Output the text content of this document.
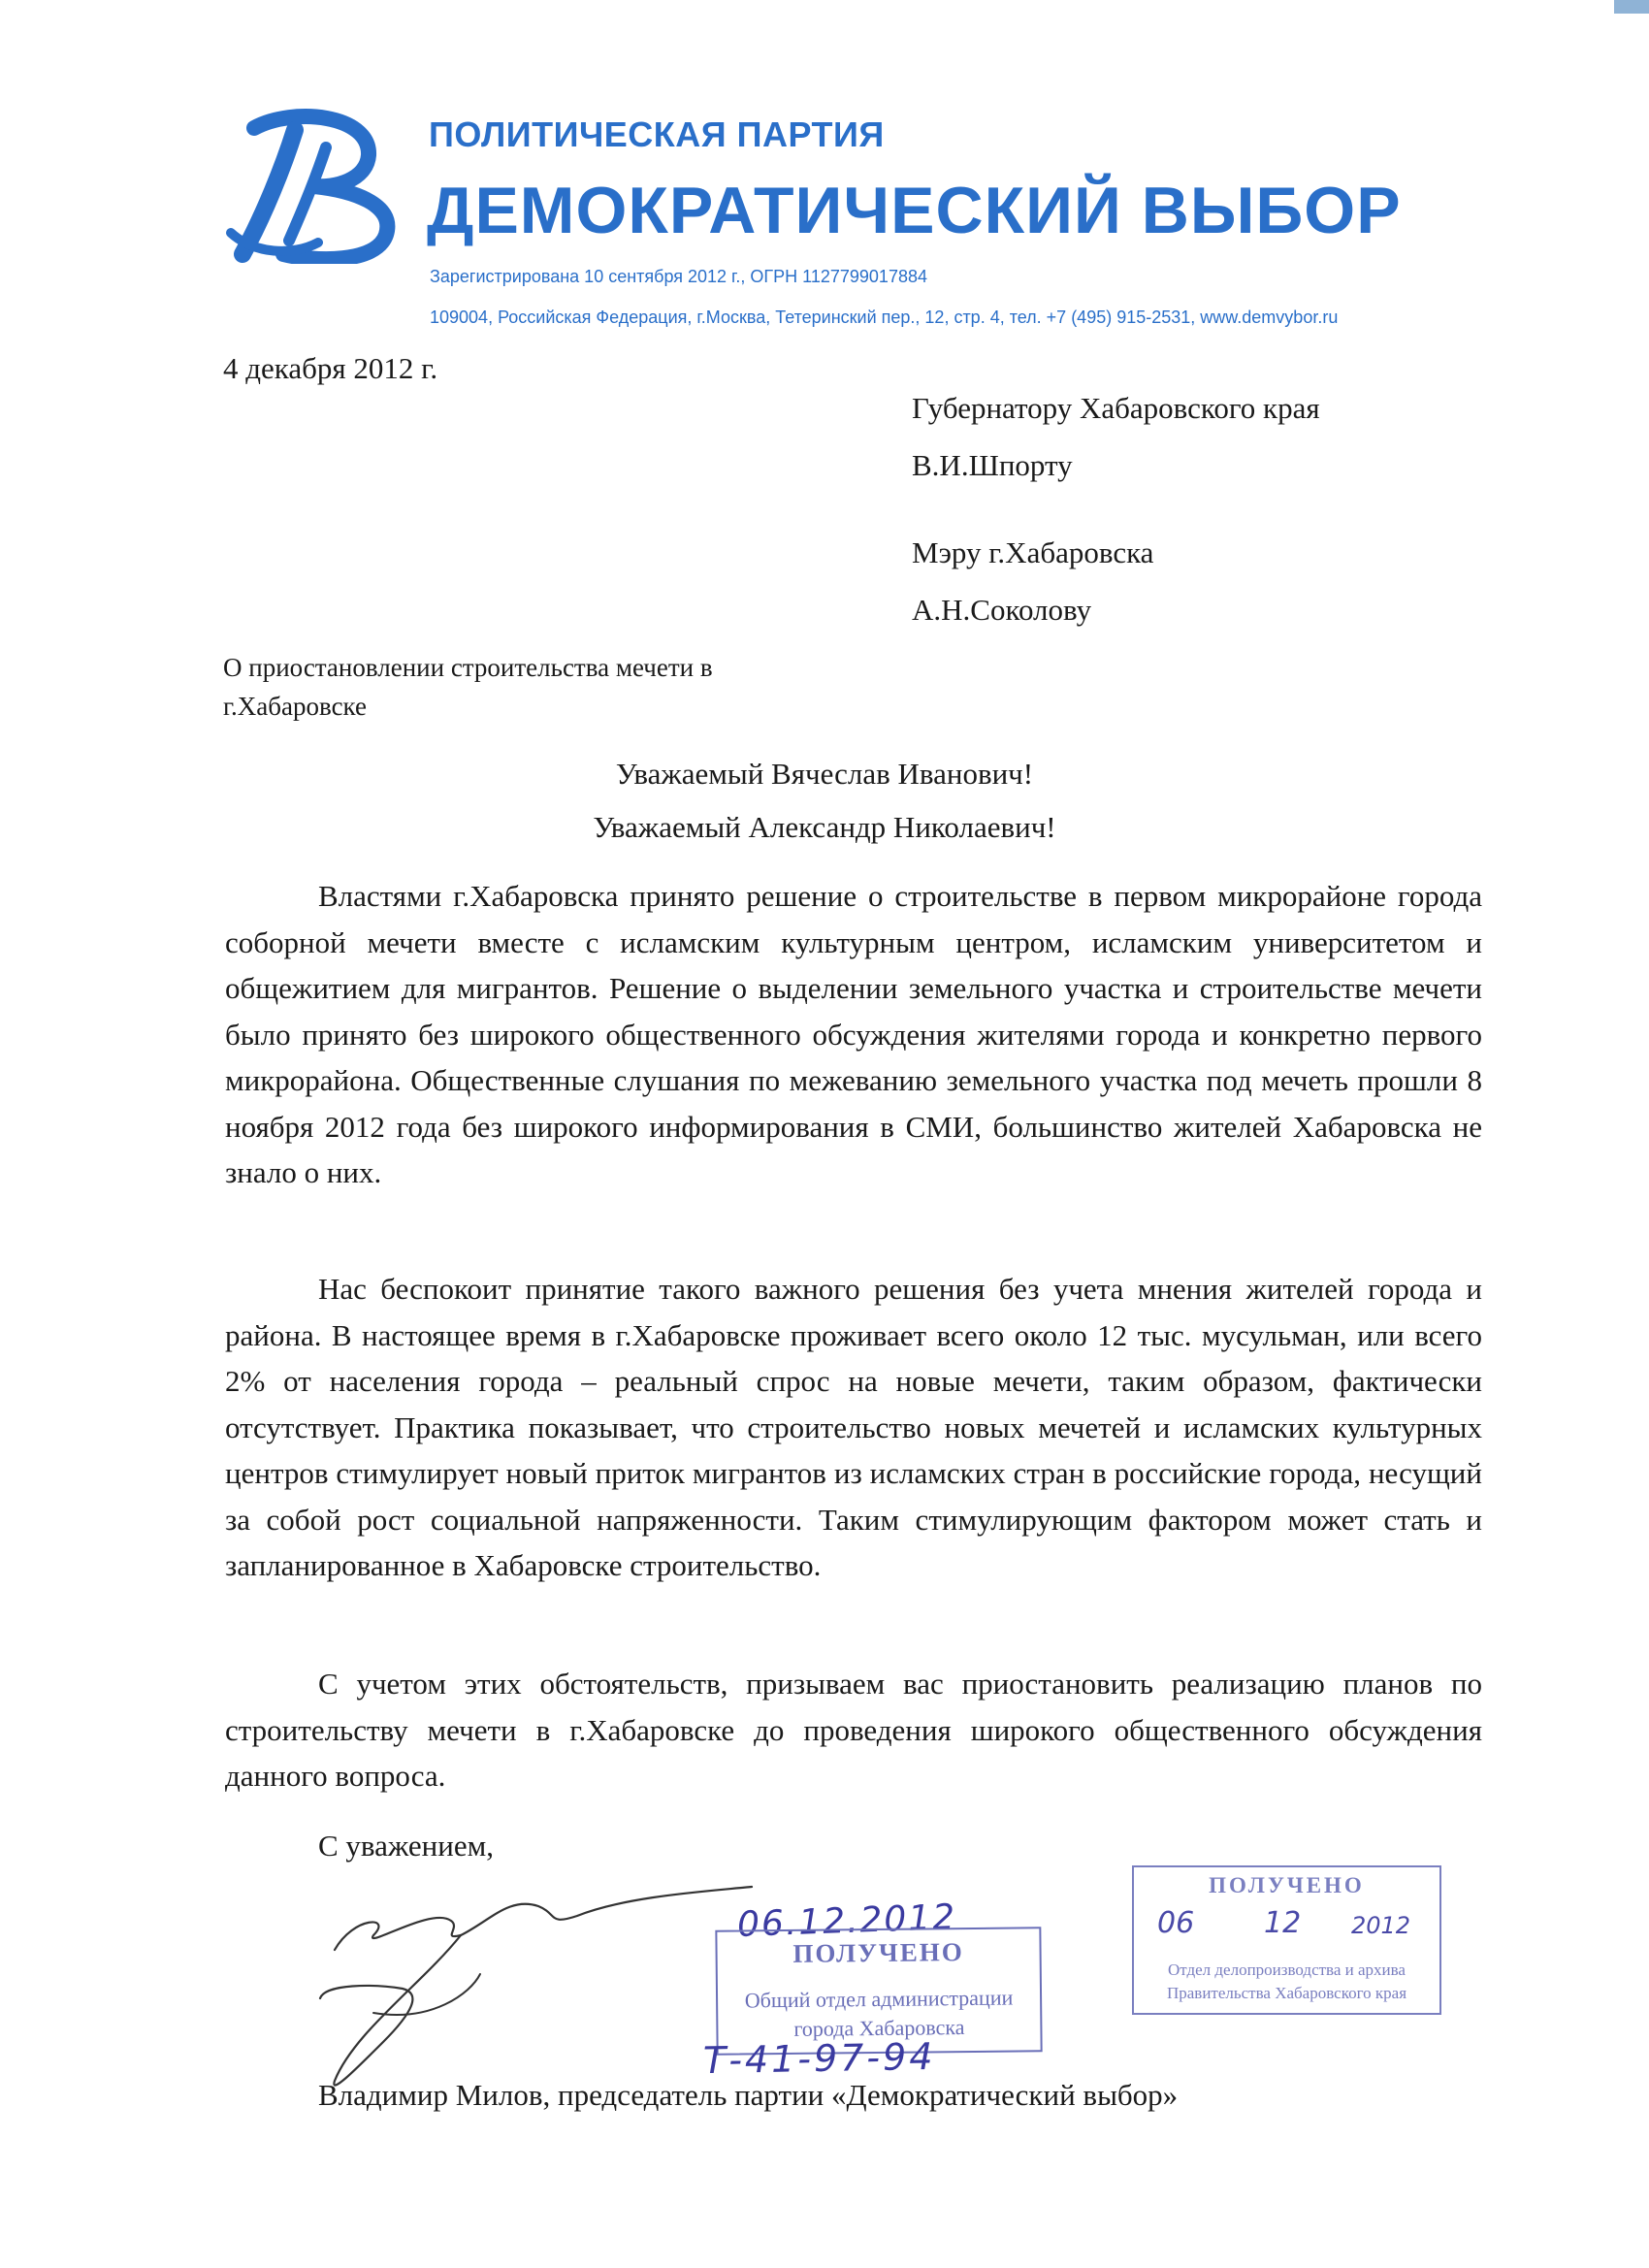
ПОЛИТИЧЕСКАЯ ПАРТИЯ
ДЕМОКРАТИЧЕСКИЙ ВЫБОР
Зарегистрирована 10 сентября 2012 г., ОГРН 1127799017884
109004, Российская Федерация, г.Москва, Тетеринский пер., 12, стр. 4, тел. +7 (495) 915-2531, www.demvybor.ru
4 декабря 2012 г.
Губернатору Хабаровского края
В.И.Шпорту
Мэру г.Хабаровска
А.Н.Соколову
О приостановлении строительства мечети в г.Хабаровске
Уважаемый Вячеслав Иванович!
Уважаемый Александр Николаевич!

Властями г.Хабаровска принято решение о строительстве в первом микрорайоне города соборной мечети вместе с исламским культурным центром, исламским университетом и общежитием для мигрантов. Решение о выделении земельного участка и строительстве мечети было принято без широкого общественного обсуждения жителями города и конкретно первого микрорайона. Общественные слушания по межеванию земельного участка под мечеть прошли 8 ноября 2012 года без широкого информирования в СМИ, большинство жителей Хабаровска не знало о них.

Нас беспокоит принятие такого важного решения без учета мнения жителей города и района. В настоящее время в г.Хабаровске проживает всего около 12 тыс. мусульман, или всего 2% от населения города – реальный спрос на новые мечети, таким образом, фактически отсутствует. Практика показывает, что строительство новых мечетей и исламских культурных центров стимулирует новый приток мигрантов из исламских стран в российские города, несущий за собой рост социальной напряженности. Таким стимулирующим фактором может стать и запланированное в Хабаровске строительство.

С учетом этих обстоятельств, призываем вас приостановить реализацию планов по строительству мечети в г.Хабаровске до проведения широкого общественного обсуждения данного вопроса.

С уважением,
06.12.2012
ПОЛУЧЕНО
Общий отдел администрации
города Хабаровска
Т-41-97-94
ПОЛУЧЕНО
06 12 2012
Отдел делопроизводства и архива
Правительства Хабаровского края
Владимир Милов, председатель партии «Демократический выбор»
